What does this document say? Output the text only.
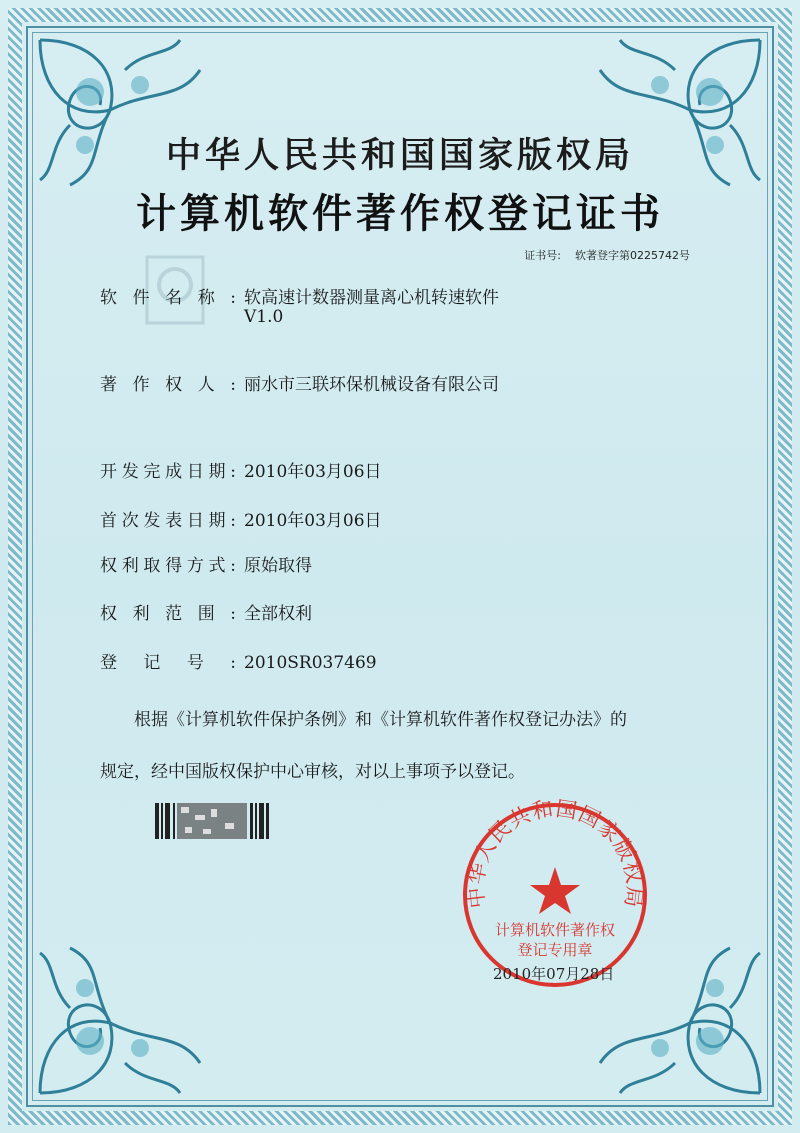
中华人民共和国国家版权局
计算机软件著作权登记证书
证书号: 软著登字第0225742号
软件名称: 软高速计数器测量离心机转速软件
V1.0
著作权人: 丽水市三联环保机械设备有限公司
开发完成日期: 2010年03月06日
首次发表日期: 2010年03月06日
权利取得方式: 原始取得
权利范围: 全部权利
登记号: 2010SR037469
根据《计算机软件保护条例》和《计算机软件著作权登记办法》的
规定，经中国版权保护中心审核，对以上事项予以登记。
中华人民共和国国家版权局
计算机软件著作权
登记专用章
2010年07月28日
